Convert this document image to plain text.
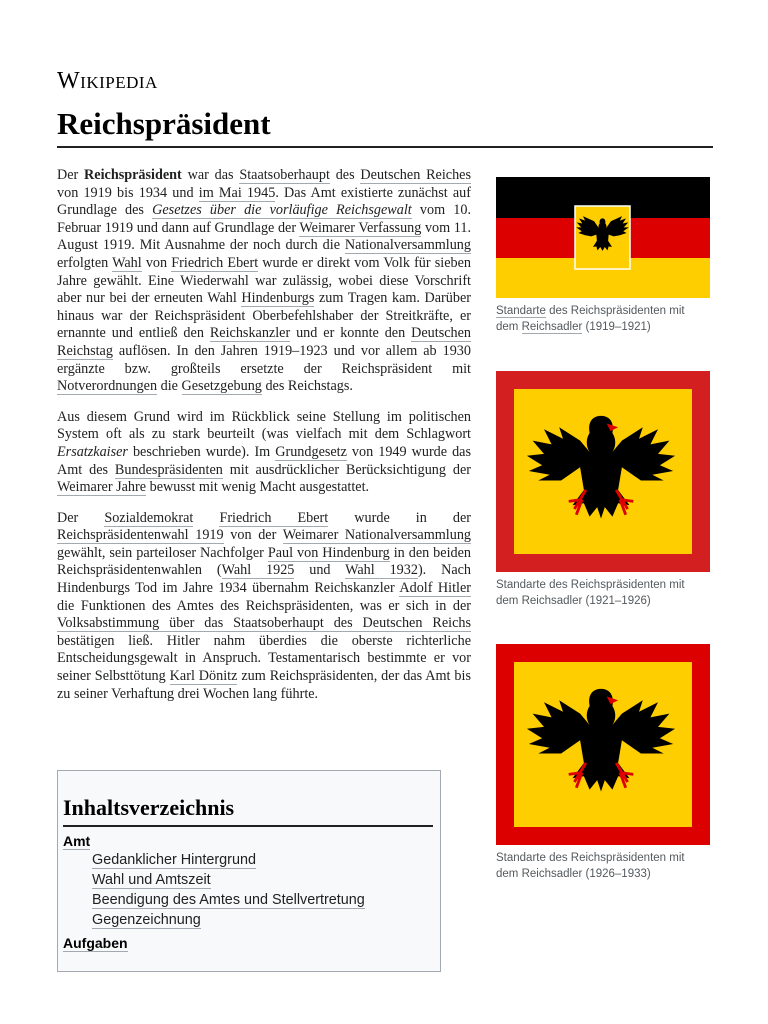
Wikipedia
Reichspräsident

Der Reichspräsident war das Staatsoberhaupt des Deutschen Reiches von 1919 bis 1934 und im Mai 1945. Das Amt existierte zunächst auf Grundlage des Gesetzes über die vorläufige Reichsgewalt vom 10. Februar 1919 und dann auf Grundlage der Weimarer Verfassung vom 11. August 1919. Mit Ausnahme der noch durch die Nationalversammlung erfolgten Wahl von Friedrich Ebert wurde er direkt vom Volk für sieben Jahre gewählt. Eine Wiederwahl war zulässig, wobei diese Vorschrift aber nur bei der erneuten Wahl Hindenburgs zum Tragen kam. Darüber hinaus war der Reichspräsident Oberbefehlshaber der Streitkräfte, er ernannte und entließ den Reichskanzler und er konnte den Deutschen Reichstag auflösen. In den Jahren 1919–1923 und vor allem ab 1930 ergänzte bzw. großteils ersetzte der Reichspräsident mit Notverordnungen die Gesetzgebung des Reichstags.

Aus diesem Grund wird im Rückblick seine Stellung im politischen System oft als zu stark beurteilt (was vielfach mit dem Schlagwort Ersatzkaiser beschrieben wurde). Im Grundgesetz von 1949 wurde das Amt des Bundespräsidenten mit ausdrücklicher Berücksichtigung der Weimarer Jahre bewusst mit wenig Macht ausgestattet.

Der Sozialdemokrat Friedrich Ebert wurde in der Reichspräsidentenwahl 1919 von der Weimarer Nationalversammlung gewählt, sein parteiloser Nachfolger Paul von Hindenburg in den beiden Reichspräsidentenwahlen (Wahl 1925 und Wahl 1932). Nach Hindenburgs Tod im Jahre 1934 übernahm Reichskanzler Adolf Hitler die Funktionen des Amtes des Reichspräsidenten, was er sich in der Volksabstimmung über das Staatsoberhaupt des Deutschen Reichs bestätigen ließ. Hitler nahm überdies die oberste richterliche Entscheidungsgewalt in Anspruch. Testamentarisch bestimmte er vor seiner Selbsttötung Karl Dönitz zum Reichspräsidenten, der das Amt bis zu seiner Verhaftung drei Wochen lang führte.

Inhaltsverzeichnis
Amt
Gedanklicher Hintergrund
Wahl und Amtszeit
Beendigung des Amtes und Stellvertretung
Gegenzeichnung
Aufgaben
Standarte des Reichspräsidenten mit dem Reichsadler (1919–1921)
Standarte des Reichspräsidenten mit dem Reichsadler (1921–1926)
Standarte des Reichspräsidenten mit dem Reichsadler (1926–1933)
